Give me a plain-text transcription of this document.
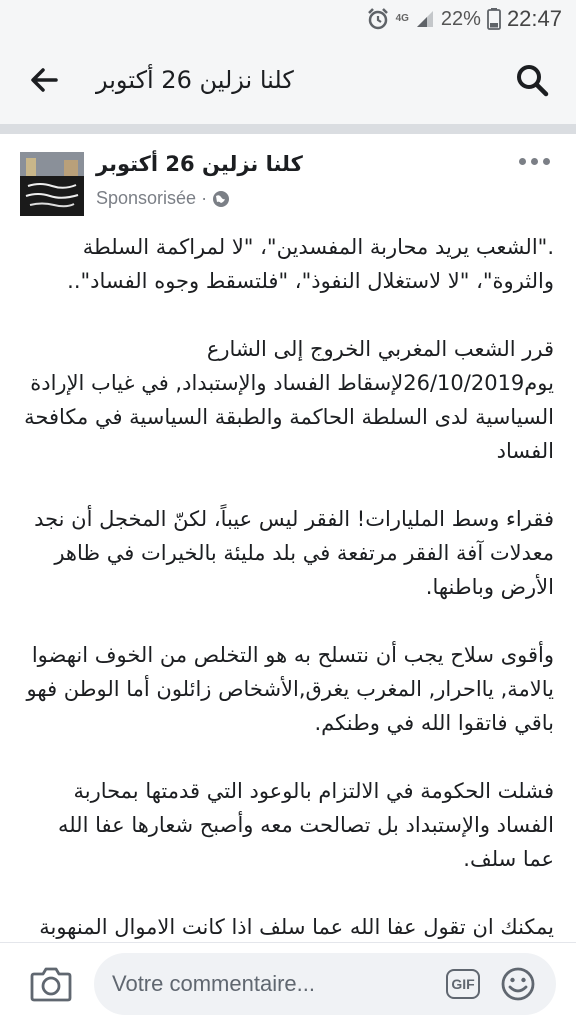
4G 22% 22:47
كلنا نزلين 26 أكتوبر
كلنا نزلين 26 أكتوبر
Sponsorisée ·

."الشعب يريد محاربة المفسدين"، "لا لمراكمة السلطة والثروة"، "لا لاستغلال النفوذ"، "فلتسقط وجوه الفساد"..

قرر الشعب المغربي الخروج إلى الشارع يوم26/10/2019لإسقاط الفساد والإستبداد, في غياب الإرادة السياسية لدى السلطة الحاكمة والطبقة السياسية في مكافحة الفساد

فقراء وسط المليارات! الفقر ليس عيباً، لكنّ المخجل أن نجد معدلات آفة الفقر مرتفعة في بلد مليئة بالخيرات في ظاهر الأرض وباطنها.

وأقوى سلاح يجب أن نتسلح به هو التخلص من الخوف انهضوا يالامة, يااحرار, المغرب يغرق,الأشخاص زائلون أما الوطن فهو باقي فاتقوا الله في وطنكم.

فشلت الحكومة في الالتزام بالوعود التي قدمتها بمحاربة الفساد والإستبداد بل تصالحت معه وأصبح شعارها عفا الله عما سلف.

يمكنك ان تقول عفا الله عما سلف اذا كانت الاموال المنهوبة

Votre commentaire...
GIF
